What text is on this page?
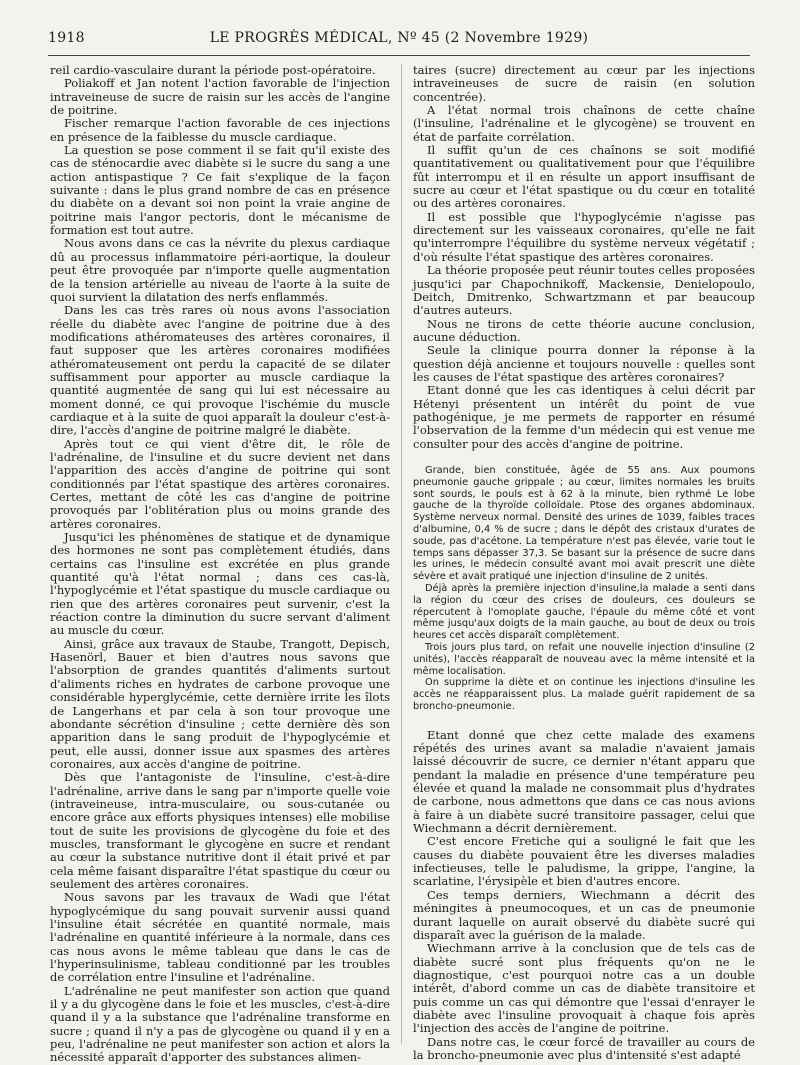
1918	LE PROGRÈS MÉDICAL, Nº 45 (2 Novembre 1929)

reil cardio-vasculaire durant la période post-opératoire.

Poliakoff et Jan notent l'action favorable de l'injection intraveineuse de sucre de raisin sur les accès de l'angine de poitrine.

Fischer remarque l'action favorable de ces injections en présence de la faiblesse du muscle cardiaque.

La question se pose comment il se fait qu'il existe des cas de sténocardie avec diabète si le sucre du sang a une action antispastique ? Ce fait s'explique de la façon suivante : dans le plus grand nombre de cas en présence du diabète on a devant soi non point la vraie angine de poitrine mais l'angor pectoris, dont le mécanisme de formation est tout autre.

Nous avons dans ce cas la névrite du plexus cardiaque dû au processus inflammatoire péri-aortique, la douleur peut être provoquée par n'importe quelle augmentation de la tension artérielle au niveau de l'aorte à la suite de quoi survient la dilatation des nerfs enflammés.

Dans les cas très rares où nous avons l'association réelle du diabète avec l'angine de poitrine due à des modifications athéromateuses des artères coronaires, il faut supposer que les artères coronaires modifiées athéromateusement ont perdu la capacité de se dilater suffisamment pour apporter au muscle cardiaque la quantité augmentée de sang qui lui est nécessaire au moment donné, ce qui provoque l'ischémie du muscle cardiaque et à la suite de quoi apparaît la douleur c'est-à-dire, l'accès d'angine de poitrine malgré le diabète.

Après tout ce qui vient d'être dit, le rôle de l'adrénaline, de l'insuline et du sucre devient net dans l'apparition des accès d'angine de poitrine qui sont conditionnés par l'état spastique des artères coronaires. Certes, mettant de côté les cas d'angine de poitrine provoqués par l'oblitération plus ou moins grande des artères coronaires.

Jusqu'ici les phénomènes de statique et de dynamique des hormones ne sont pas complètement étudiés, dans certains cas l'insuline est excrétée en plus grande quantité qu'à l'état normal ; dans ces cas-là, l'hypoglycémie et l'état spastique du muscle cardiaque ou rien que des artères coronaires peut survenir, c'est la réaction contre la diminution du sucre servant d'aliment au muscle du cœur.

Ainsi, grâce aux travaux de Staube, Trangott, Depisch, Hasenörl, Bauer et bien d'autres nous savons que l'absorption de grandes quantités d'aliments surtout d'aliments riches en hydrates de carbone provoque une considérable hyperglycémie, cette dernière irrite les îlots de Langerhans et par cela à son tour provoque une abondante sécrétion d'insuline ; cette dernière dès son apparition dans le sang produit de l'hypoglycémie et peut, elle aussi, donner issue aux spasmes des artères coronaires, aux accès d'angine de poitrine.

Dès que l'antagoniste de l'insuline, c'est-à-dire l'adrénaline, arrive dans le sang par n'importe quelle voie (intraveineuse, intra-musculaire, ou sous-cutanée ou encore grâce aux efforts physiques intenses) elle mobilise tout de suite les provisions de glycogène du foie et des muscles, transformant le glycogène en sucre et rendant au cœur la substance nutritive dont il était privé et par cela même faisant disparaître l'état spastique du cœur ou seulement des artères coronaires.

Nous savons par les travaux de Wadi que l'état hypoglycémique du sang pouvait survenir aussi quand l'insuline était sécrétée en quantité normale, mais l'adrénaline en quantité inférieure à la normale, dans ces cas nous avons le même tableau que dans le cas de l'hyperinsulinisme, tableau conditionné par les troubles de corrélation entre l'insuline et l'adrénaline.

L'adrénaline ne peut manifester son action que quand il y a du glycogène dans le foie et les muscles, c'est-à-dire quand il y a la substance que l'adrénaline transforme en sucre ; quand il n'y a pas de glycogène ou quand il y en a peu, l'adrénaline ne peut manifester son action et alors la nécessité apparaît d'apporter des substances alimen-

taires (sucre) directement au cœur par les injections intraveineuses de sucre de raisin (en solution concentrée).

A l'état normal trois chaînons de cette chaîne (l'insuline, l'adrénaline et le glycogène) se trouvent en état de parfaite corrélation.

Il suffit qu'un de ces chaînons se soit modifié quantitativement ou qualitativement pour que l'équilibre fût interrompu et il en résulte un apport insuffisant de sucre au cœur et l'état spastique ou du cœur en totalité ou des artères coronaires.

Il est possible que l'hypoglycémie n'agisse pas directement sur les vaisseaux coronaires, qu'elle ne fait qu'interrompre l'équilibre du système nerveux végétatif ; d'où résulte l'état spastique des artères coronaires.

La théorie proposée peut réunir toutes celles proposées jusqu'ici par Chapochnikoff, Mackensie, Denielopoulo, Deitch, Dmitrenko, Schwartzmann et par beaucoup d'autres auteurs.

Nous ne tirons de cette théorie aucune conclusion, aucune déduction.

Seule la clinique pourra donner la réponse à la question déjà ancienne et toujours nouvelle : quelles sont les causes de l'état spastique des artères coronaires?

Etant donné que les cas identiques à celui décrit par Hétenyi présentent un intérêt du point de vue pathogénique, je me permets de rapporter en résumé l'observation de la femme d'un médecin qui est venue me consulter pour des accès d'angine de poitrine.

Grande, bien constituée, âgée de 55 ans. Aux poumons pneumonie gauche grippale ; au cœur, limites normales les bruits sont sourds, le pouls est à 62 à la minute, bien rythmé Le lobe gauche de la thyroïde colloïdale. Ptose des organes abdominaux. Système nerveux normal. Densité des urines de 1039, faibles traces d'albumine, 0,4 % de sucre ; dans le dépôt des cristaux d'urates de soude, pas d'acétone. La température n'est pas élevée, varie tout le temps sans dépasser 37,3. Se basant sur la présence de sucre dans les urines, le médecin consulté avant moi avait prescrit une diète sévère et avait pratiqué une injection d'insuline de 2 unités.

Déjà après la première injection d'insuline,la malade a senti dans la région du cœur des crises de douleurs, ces douleurs se répercutent à l'omoplate gauche, l'épaule du même côté et vont même jusqu'aux doigts de la main gauche, au bout de deux ou trois heures cet accès disparaît complètement.

Trois jours plus tard, on refait une nouvelle injection d'insuline (2 unités), l'accès réapparaît de nouveau avec la même intensité et la même localisation.

On supprime la diète et on continue les injections d'insuline les accès ne réapparaissent plus. La malade guérit rapidement de sa broncho-pneumonie.

Etant donné que chez cette malade des examens répétés des urines avant sa maladie n'avaient jamais laissé découvrir de sucre, ce dernier n'étant apparu que pendant la maladie en présence d'une température peu élevée et quand la malade ne consommait plus d'hydrates de carbone, nous admettons que dans ce cas nous avions à faire à un diabète sucré transitoire passager, celui que Wiechmann a décrit dernièrement.

C'est encore Fretiche qui a souligné le fait que les causes du diabète pouvaient être les diverses maladies infectieuses, telle le paludisme, la grippe, l'angine, la scarlatine, l'érysipèle et bien d'autres encore.

Ces temps derniers, Wiechmann a décrit des méningites à pneumocoques, et un cas de pneumonie durant laquelle on aurait observé du diabète sucré qui disparaît avec la guérison de la malade.

Wiechmann arrive à la conclusion que de tels cas de diabète sucré sont plus fréquents qu'on ne le diagnostique, c'est pourquoi notre cas a un double intérêt, d'abord comme un cas de diabète transitoire et puis comme un cas qui démontre que l'essai d'enrayer le diabète avec l'insuline provoquait à chaque fois après l'injection des accès de l'angine de poitrine.

Dans notre cas, le cœur forcé de travailler au cours de la broncho-pneumonie avec plus d'intensité s'est adapté
